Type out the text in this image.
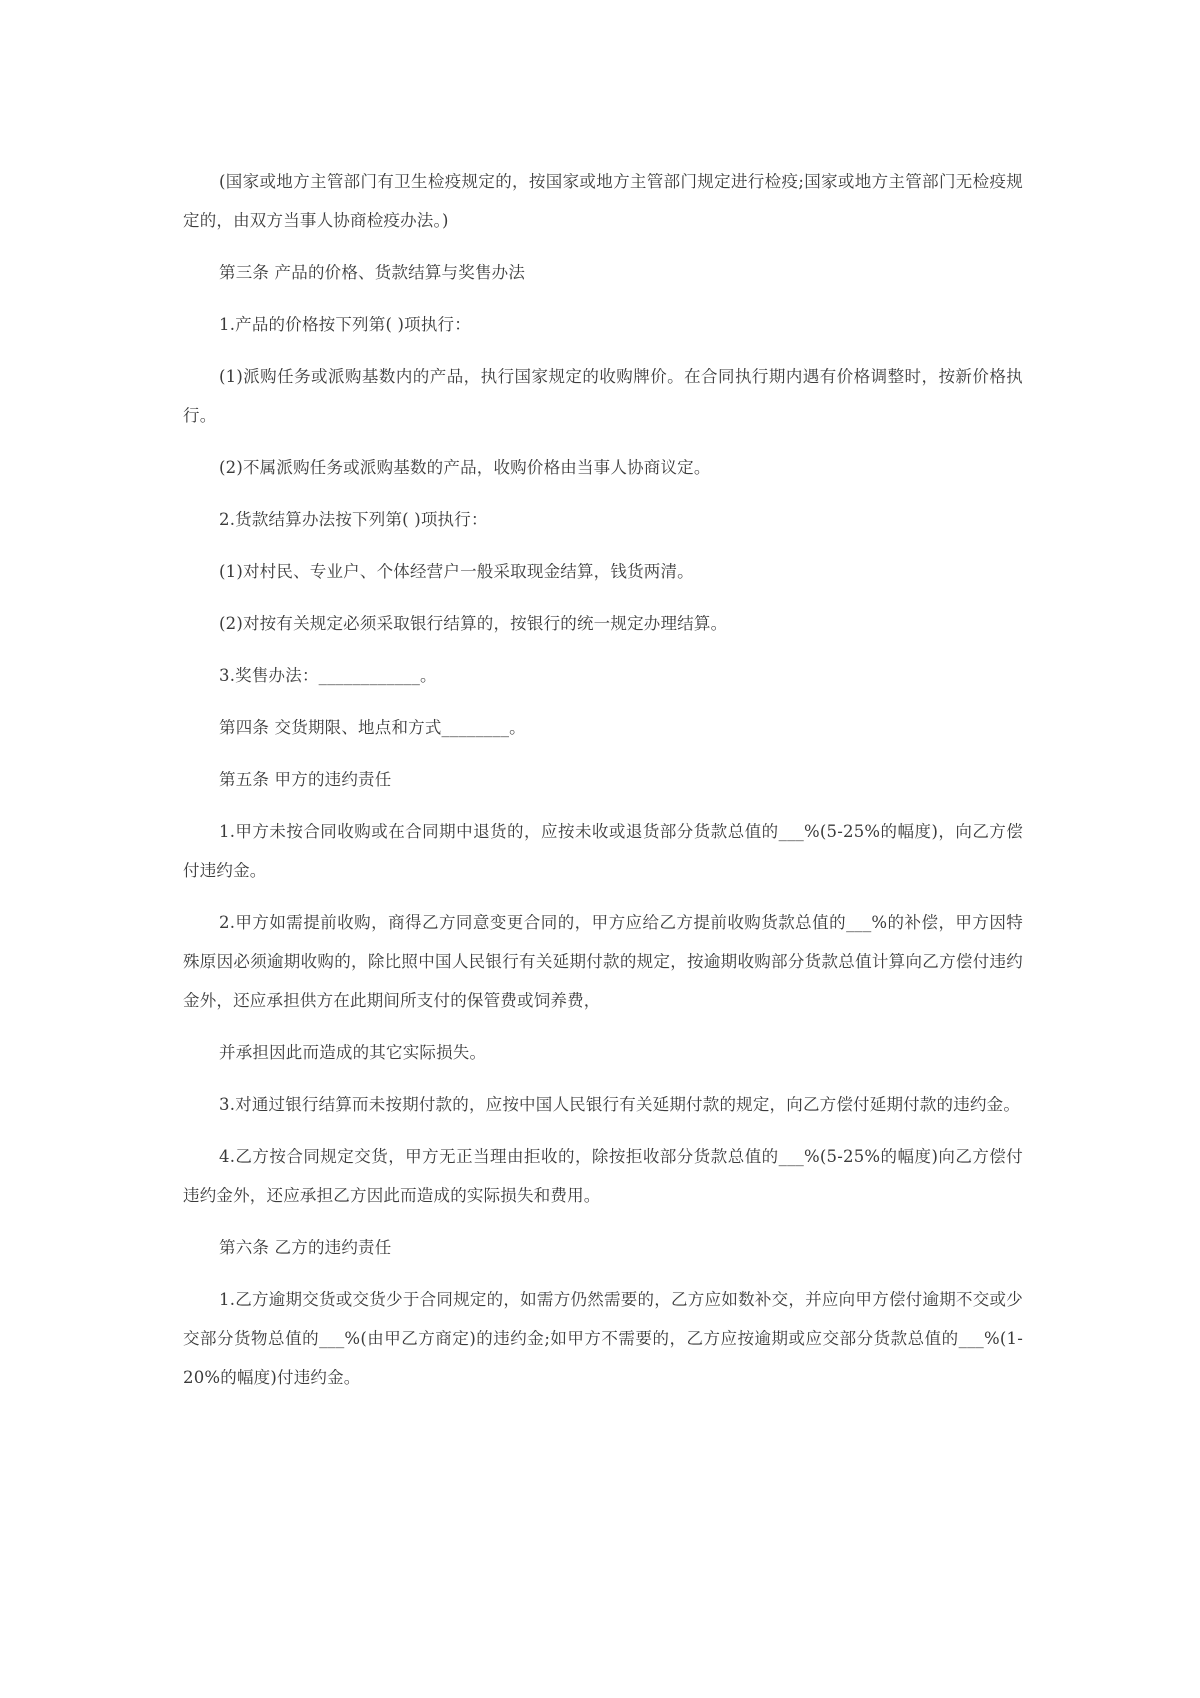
(国家或地方主管部门有卫生检疫规定的，按国家或地方主管部门规定进行检疫;国家或地方主管部门无检疫规定的，由双方当事人协商检疫办法。)

第三条 产品的价格、货款结算与奖售办法

1.产品的价格按下列第( )项执行：

(1)派购任务或派购基数内的产品，执行国家规定的收购牌价。在合同执行期内遇有价格调整时，按新价格执行。

(2)不属派购任务或派购基数的产品，收购价格由当事人协商议定。

2.货款结算办法按下列第( )项执行：

(1)对村民、专业户、个体经营户一般采取现金结算，钱货两清。

(2)对按有关规定必须采取银行结算的，按银行的统一规定办理结算。

3.奖售办法：____________。

第四条 交货期限、地点和方式________。

第五条 甲方的违约责任

1.甲方未按合同收购或在合同期中退货的，应按未收或退货部分货款总值的___%(5-25%的幅度)，向乙方偿付违约金。

2.甲方如需提前收购，商得乙方同意变更合同的，甲方应给乙方提前收购货款总值的___%的补偿，甲方因特殊原因必须逾期收购的，除比照中国人民银行有关延期付款的规定，按逾期收购部分货款总值计算向乙方偿付违约金外，还应承担供方在此期间所支付的保管费或饲养费，

并承担因此而造成的其它实际损失。

3.对通过银行结算而未按期付款的，应按中国人民银行有关延期付款的规定，向乙方偿付延期付款的违约金。

4.乙方按合同规定交货，甲方无正当理由拒收的，除按拒收部分货款总值的___%(5-25%的幅度)向乙方偿付违约金外，还应承担乙方因此而造成的实际损失和费用。

第六条 乙方的违约责任

1.乙方逾期交货或交货少于合同规定的，如需方仍然需要的，乙方应如数补交，并应向甲方偿付逾期不交或少交部分货物总值的___%(由甲乙方商定)的违约金;如甲方不需要的，乙方应按逾期或应交部分货款总值的___%(1-20%的幅度)付违约金。
